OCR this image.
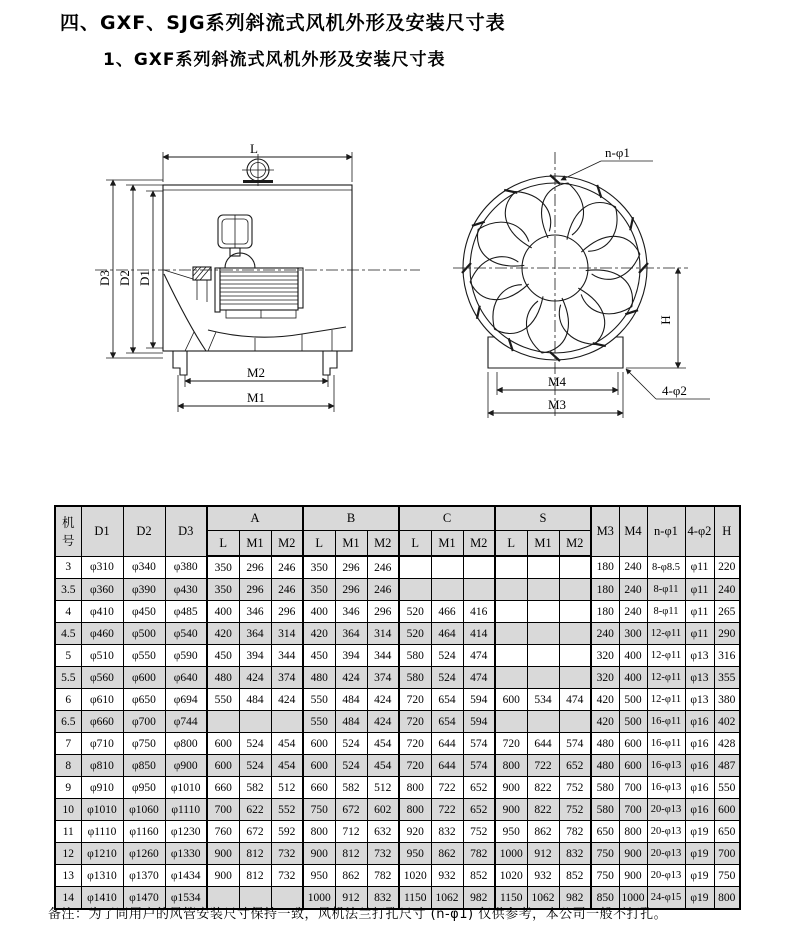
四、GXF、SJG系列斜流式风机外形及安装尺寸表
1、GXF系列斜流式风机外形及安装尺寸表
L
D3 D2 D1
M2
M1
n-φ1
H
M4
M3
4-φ2
机号	D1	D2	D3	A			B			C			S			M3	M4	n-φ1	4-φ2	H
				L	M1	M2	L	M1	M2	L	M1	M2	L	M1	M2					
3	φ310	φ340	φ380	350	296	246	350	296	246							180	240	8-φ8.5	φ11	220
3.5	φ360	φ390	φ430	350	296	246	350	296	246							180	240	8-φ11	φ11	240
4	φ410	φ450	φ485	400	346	296	400	346	296	520	466	416				180	240	8-φ11	φ11	265
4.5	φ460	φ500	φ540	420	364	314	420	364	314	520	464	414				240	300	12-φ11	φ11	290
5	φ510	φ550	φ590	450	394	344	450	394	344	580	524	474				320	400	12-φ11	φ13	316
5.5	φ560	φ600	φ640	480	424	374	480	424	374	580	524	474				320	400	12-φ11	φ13	355
6	φ610	φ650	φ694	550	484	424	550	484	424	720	654	594	600	534	474	420	500	12-φ11	φ13	380
6.5	φ660	φ700	φ744				550	484	424	720	654	594				420	500	16-φ11	φ16	402
7	φ710	φ750	φ800	600	524	454	600	524	454	720	644	574	720	644	574	480	600	16-φ11	φ16	428
8	φ810	φ850	φ900	600	524	454	600	524	454	720	644	574	800	722	652	480	600	16-φ13	φ16	487
9	φ910	φ950	φ1010	660	582	512	660	582	512	800	722	652	900	822	752	580	700	16-φ13	φ16	550
10	φ1010	φ1060	φ1110	700	622	552	750	672	602	800	722	652	900	822	752	580	700	20-φ13	φ16	600
11	φ1110	φ1160	φ1230	760	672	592	800	712	632	920	832	752	950	862	782	650	800	20-φ13	φ19	650
12	φ1210	φ1260	φ1330	900	812	732	900	812	732	950	862	782	1000	912	832	750	900	20-φ13	φ19	700
13	φ1310	φ1370	φ1434	900	812	732	950	862	782	1020	932	852	1020	932	852	750	900	20-φ13	φ19	750
14	φ1410	φ1470	φ1534				1000	912	832	1150	1062	982	1150	1062	982	850	1000	24-φ15	φ19	800
备注：为了同用户的风管安装尺寸保持一致，风机法兰打孔尺寸 (n-φ1) 仅供参考，本公司一般不打孔。
